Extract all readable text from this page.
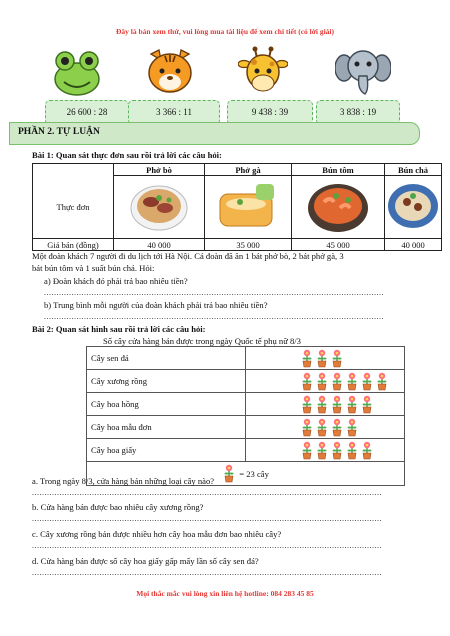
Đây là bản xem thử, vui lòng mua tài liệu để xem chi tiết (có lời giải)
26 600 : 28	3 366 : 11	9 438 : 39	3 838 : 19
PHẦN 2. TỰ LUẬN
Bài 1: Quan sát thực đơn sau rồi trả lời các câu hỏi:
	Phở bò	Phở gà	Bún tôm	Bún chả
Thực đơn				
Giá bán (đồng)	40 000	35 000	45 000	40 000
Một đoàn khách 7 người đi du lịch tới Hà Nội. Cả đoàn đã ăn 1 bát phở bò, 2 bát phở gà, 3
bát bún tôm và 1 suất bún chả. Hỏi:
a) Đoàn khách đó phải trả bao nhiêu tiền?
........................................................................................................................................
b) Trung bình mỗi người của đoàn khách phải trả bao nhiêu tiền?
........................................................................................................................................
Bài 2: Quan sát hình sau rồi trả lời các câu hỏi:
Số cây cửa hàng bán được trong ngày Quốc tế phụ nữ 8/3
Cây sen đá	

Cây xương rồng	

Cây hoa hồng	

Cây hoa mẫu đơn	

Cây hoa giấy	

= 23 cây	
a. Trong ngày 8/3, cửa hàng bán những loại cây nào?
............................................................................................................................................
b. Cửa hàng bán được bao nhiêu cây xương rồng?
............................................................................................................................................
c. Cây xương rồng bán được nhiều hơn cây hoa mẫu đơn bao nhiêu cây?
............................................................................................................................................
d. Cửa hàng bán được số cây hoa giấy gấp mấy lần số cây sen đá?
............................................................................................................................................
Mọi thắc mắc vui lòng xin liên hệ hotline: 084 283 45 85
